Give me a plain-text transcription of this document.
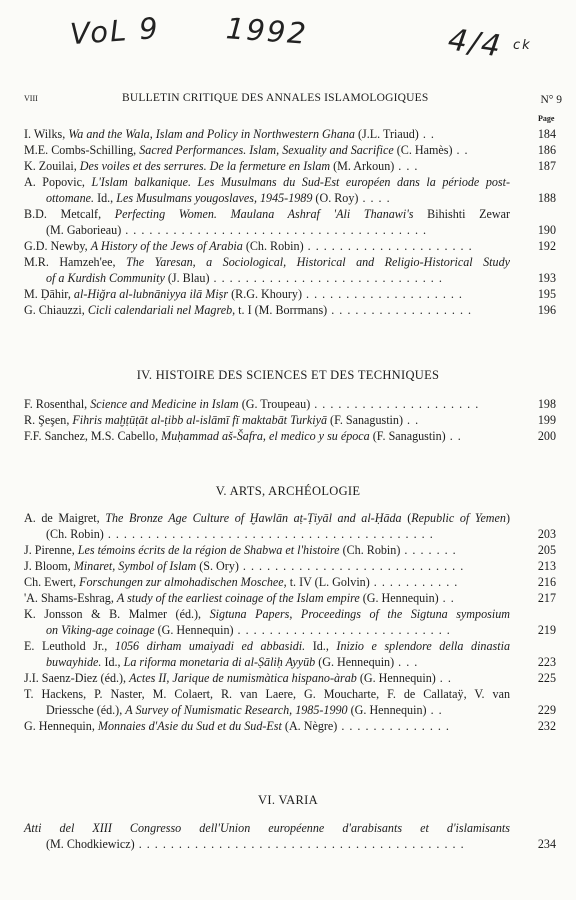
VoL 9 1992	4/4 ck
VIII	BULLETIN CRITIQUE DES ANNALES ISLAMOLOGIQUES	N° 9
Page
I. Wilks, Wa and the Wala, Islam and Policy in Northwestern Ghana (J.L. Triaud) . .	184
M.E. Combs-Schilling, Sacred Performances. Islam, Sexuality and Sacrifice (C. Hamès) . .	186
K. Zouilai, Des voiles et des serrures. De la fermeture en Islam (M. Arkoun) . . .	187
A. Popovic, L'Islam balkanique. Les Musulmans du Sud-Est européen dans la période post-
ottomane. Id., Les Musulmans yougoslaves, 1945-1989 (O. Roy) . . . .	188
B.D. Metcalf, Perfecting Women. Maulana Ashraf 'Ali Thanawi's Bihishti Zewar
(M. Gaborieau) . . . . . . . . . . . . . . . . . . . . . . . . . . . . . . . . . . . . . .	190
G.D. Newby, A History of the Jews of Arabia (Ch. Robin) . . . . . . . . . . . . . . . . . . . . .	192
M.R. Hamzeh'ee, The Yaresan, a Sociological, Historical and Religio-Historical Study
of a Kurdish Community (J. Blau) . . . . . . . . . . . . . . . . . . . . . . . . . . . . .	193
M. Ḍāhir, al-Hiǧra al-lubnāniyya ilā Miṣr (R.G. Khoury) . . . . . . . . . . . . . . . . . . . .	195
G. Chiauzzi, Cicli calendariali nel Magreb, t. I (M. Borrmans) . . . . . . . . . . . . . . . . . .	196
IV. HISTOIRE DES SCIENCES ET DES TECHNIQUES
F. Rosenthal, Science and Medicine in Islam (G. Troupeau) . . . . . . . . . . . . . . . . . . . . .	198
R. Şeşen, Fihris maḫṭūṭāt al-ṭibb al-islāmī fī maktabāt Turkiyā (F. Sanagustin) . .	199
F.F. Sanchez, M.S. Cabello, Muḥammad aš-Šafra, el medico y su época (F. Sanagustin) . .	200
V. ARTS, ARCHÉOLOGIE
A. de Maigret, The Bronze Age Culture of Ḫawlān aṭ-Ṭiyāl and al-Ḥāda (Republic of Yemen)
(Ch. Robin) . . . . . . . . . . . . . . . . . . . . . . . . . . . . . . . . . . . . . . . . .	203
J. Pirenne, Les témoins écrits de la région de Shabwa et l'histoire (Ch. Robin) . . . . . . .	205
J. Bloom, Minaret, Symbol of Islam (S. Ory) . . . . . . . . . . . . . . . . . . . . . . . . . . . .	213
Ch. Ewert, Forschungen zur almohadischen Moschee, t. IV (L. Golvin) . . . . . . . . . . .	216
'A. Shams-Eshrag, A study of the earliest coinage of the Islam empire (G. Hennequin) . .	217
K. Jonsson & B. Malmer (éd.), Sigtuna Papers, Proceedings of the Sigtuna symposium
on Viking-age coinage (G. Hennequin) . . . . . . . . . . . . . . . . . . . . . . . . . . .	219
E. Leuthold Jr., 1056 dirham umaiyadi ed abbasidi. Id., Inizio e splendore della dinastia
buwayhide. Id., La riforma monetaria di al-Ṣāliḥ Ayyūb (G. Hennequin) . . .	223
J.I. Saenz-Diez (éd.), Actes II, Jarique de numismàtica hispano-àrab (G. Hennequin) . .	225
T. Hackens, P. Naster, M. Colaert, R. van Laere, G. Moucharte, F. de Callataÿ, V. van
Driessche (éd.), A Survey of Numismatic Research, 1985-1990 (G. Hennequin) . .	229
G. Hennequin, Monnaies d'Asie du Sud et du Sud-Est (A. Nègre) . . . . . . . . . . . . . .	232
VI. VARIA
Atti del XIII Congresso dell'Union européenne d'arabisants et d'islamisants
(M. Chodkiewicz) . . . . . . . . . . . . . . . . . . . . . . . . . . . . . . . . . . . . . . . . .	234
